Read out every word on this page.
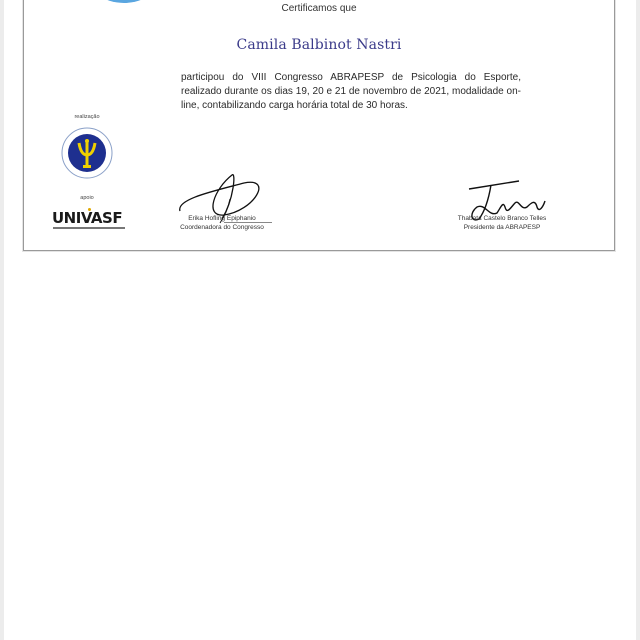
Certificamos que
Camila Balbinot Nastri
participou do VIII Congresso ABRAPESP de Psicologia do Esporte, realizado durante os dias 19, 20 e 21 de novembro de 2021, modalidade on-line, contabilizando carga horária total de 30 horas.
realização
apoio
UNIVASF	Erika Hofling Epiphanio
Coordenadora do Congresso
Thabata Castelo Branco Telles
Presidente da ABRAPESP
